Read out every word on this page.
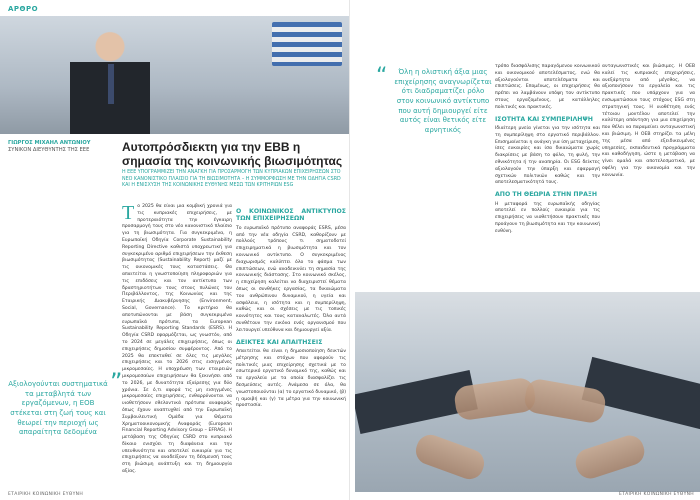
ΑΡΘΡΟ
ΓΙΩΡΓΟΣ ΜΙΧΑΗΛ ΑΝΤΩΝΙΟΥ
ΣΥΝΙΚΟΝ ΔΙΕΥΘΥΝΤΗΣ ΤΗΣ ΕΕΕ
”
Αξιολογούνται συστηματικά τα μεταβλητά των εργαζόμενων, η ΕΟΒ στέκεται στη ζωή τους και θεωρεί την περιοχή ως απαραίτητα δεδομένα
Αυτοπρόσδιεκτη για την ΕΒΒ η σημασία της κοινωνικής βιωσιμότητας
Η ΕΕΕ ΥΠΟΓΡΑΜΜΙΖΕΙ ΤΗΝ ΑΝΑΓΚΗ ΓΙΑ ΠΡΟΣΑΡΜΟΓΗ ΤΩΝ ΚΥΠΡΙΑΚΩΝ ΕΠΙΧΕΙΡΗΣΕΩΝ ΣΤΟ ΝΕΟ ΚΑΝΟΝΙΣΤΙΚΟ ΠΛΑΙΣΙΟ ΓΙΑ ΤΗ ΒΙΩΣΙΜΟΤΗΤΑ – Η ΣΥΜΜΟΡΦΩΣΗ ΜΕ ΤΗΝ ΟΔΗΓΙΑ CSRD ΚΑΙ Η ΕΝΙΣΧΥΣΗ ΤΗΣ ΚΟΙΝΩΝΙΚΗΣ ΕΥΘΥΝΗΣ ΜΕΣΩ ΤΩΝ ΚΡΙΤΗΡΙΩΝ ESG

Το 2025 θα είναι μια κομβική χρονιά για τις κυπριακές επιχειρήσεις, με προτεραιότητα την έγκαιρη προσαρμογή τους στο νέο κανονιστικό πλαίσιο για τη βιωσιμότητα. Για συγκεκριμένα, η Ευρωπαϊκή Οδηγία Corporate Sustainability Reporting Directive καθιστά υποχρεωτική για συγκεκριμένο αριθμό επιχειρήσεων την έκθεση βιωσιμότητας (Sustainability Report) μαζί με τις οικονομικές τους καταστάσεις. Θα απαιτείται η γνωστοποίηση πληροφοριών για τις επιδόσεις και τον αντίκτυπο των δραστηριοτήτων τους στους πυλώνες του Περιβάλλοντος, της Κοινωνίας και της Εταιρικής Διακυβέρνησης (Environment, Social, Governance). Το κριτήριο θα αποτυπώνονται με βάση συγκεκριμένα ευρωπαϊκά πρότυπα, τα European Sustainability Reporting Standards (ESRS). Η Οδηγία CSRD εφαρμόζεται, ως γνωστόν, από το 2024 σε μεγάλες επιχειρήσεις, όπως οι επιχειρήσεις δημοσίου συμφέροντος. Από το 2025 θα επεκταθεί σε όλες τις μεγάλες επιχειρήσεις και το 2026 στις εισηγμένες μικρομεσαίες. Η υποχρέωση των εταιρειών μικρομεσαίων επιχειρήσεων θα ξεκινήσει από το 2026, με δυνατότητα εξαίρεσης για δύο χρόνια. Σε ό,τι αφορά τις μη εισηγμένες μικρομεσαίες επιχειρήσεις, ενθαρρύνονται να υιοθετήσουν εθελοντικά πρότυπα αναφοράς όπως έχουν αναπτυχθεί από την Ευρωπαϊκή Συμβουλευτική Ομάδα για Θέματα Χρηματοοικονομικής Αναφοράς (European Financial Reporting Advisory Group – EFRAG). Η μετάβαση της Οδηγίας CSRD στο κυπριακό δίκαιο ενισχύει τη διαφάνεια και την υπευθυνότητα και αποτελεί ευκαιρία για τις επιχειρήσεις να αναδείξουν τη δέσμευσή τους στη βιώσιμη ανάπτυξη και τη δημιουργία αξίας.

Ο ΚΟΙΝΩΝΙΚΟΣ ΑΝΤΙΚΤΥΠΟΣ ΤΩΝ ΕΠΙΧΕΙΡΗΣΕΩΝ

Το ευρωπαϊκό πρότυπο αναφοράς ESRS, μέσα από την νέα οδηγία CSRD, καθορίζουν με πολλούς τρόπους τι σηματοδοτεί επιχειρηματικά η βιωσιμότητα και τον κοινωνικό αντίκτυπο. Ο συγκεκριμένος διαχωρισμός καλύπτει όλο το φάσμα των επιπτώσεων, ενώ αναδεικνύει τη σημασία της κοινωνικής διάστασης. Στο κοινωνικό σκέλος, η επιχείρηση καλείται να διαχειριστεί θέματα όπως οι συνθήκες εργασίας, τα δικαιώματα του ανθρώπινου δυναμικού, η υγεία και ασφάλεια, η ισότητα και η συμπερίληψη, καθώς και οι σχέσεις με τις τοπικές κοινότητες και τους καταναλωτές. Όλα αυτά συνθέτουν την εικόνα ενός οργανισμού που λειτουργεί υπεύθυνα και δημιουργεί αξία.

ΔΕΙΚΤΕΣ ΚΑΙ ΑΠΑΙΤΗΣΕΙΣ

Απαιτείται θα είναι η δημοσιοποίηση δεικτών μέτρησης και στόχων που αφορούν τις πολιτικές μιας επιχείρησης σχετικά με το εσωτερικό εργατικό δυναμικό της, καθώς και τα εργαλεία με τα οποία διασφαλίζει τις δεσμεύσεις αυτές. Ανάμεσα σε όλα, θα γνωστοποιούνται (α) το εργατικό δυναμικό, (β) η αμοιβή και (γ) τα μέτρα για την κοινωνική προστασία.

ΕΤΑΙΡΙΚΗ ΚΟΙΝΩΝΙΚΗ ΕΥΘΥΝΗ
“	Όλη η ολιστική άξια μιας επιχείρησης αναγνωρίζεται ότι διαδραματίζει ρόλο στον κοινωνικό αντίκτυπο που αυτή δημιουργεί είτε αυτός είναι θετικός είτε αρνητικός

τρόπο διασφάλισης παραγόμενου κοινωνικού και οικονομικού αποτελέσματος, ενώ θα αξιολογούνται αποτελέσματα και επιπτώσεις. Επομένως, οι επιχειρήσεις θα πρέπει να λαμβάνουν υπόψη τον αντίκτυπο στους εργαζομένους, με κατάλληλες πολιτικές και πρακτικές.

ΙΣΟΤΗΤΑ ΚΑΙ ΣΥΜΠΕΡΙΛΗΨΗ

Ιδιαίτερη μνεία γίνεται για την ισότητα και τη συμπερίληψη στο εργατικό περιβάλλον. Επισημαίνεται η ανάγκη για ίση μεταχείριση, ίσες ευκαιρίες και ίσα δικαιώματα χωρίς διακρίσεις με βάση το φύλο, τη φυλή, την εθνικότητα ή την αναπηρία. Οι ESG δείκτες αξιολογούν την ύπαρξη και εφαρμογή σχετικών πολιτικών καθώς και την αποτελεσματικότητά τους.

ΑΠΟ ΤΗ ΘΕΩΡΙΑ ΣΤΗΝ ΠΡΑΞΗ

Η μεταφορά της ευρωπαϊκής οδηγίας αποτελεί εν πολλοίς ευκαιρία για τις επιχειρήσεις να υιοθετήσουν πρακτικές που προάγουν τη βιωσιμότητα και την κοινωνική ευθύνη.

ανταγωνιστικές και βιώσιμες. Η ΟΕΒ καλεί τις κυπριακές επιχειρήσεις, ανεξάρτητα από μέγεθος, να αξιοποιήσουν τα εργαλεία και τις πρακτικές που υπάρχουν για να ενσωματώσουν τους στόχους ESG στη στρατηγική τους. Η υιοθέτηση ενός τέτοιου μοντέλου αποτελεί την καλύτερη απάντηση για μια επιχείρηση που θέλει να παραμείνει ανταγωνιστική και βιώσιμη. Η ΟΕΒ στηρίζει τα μέλη της μέσα από εξειδικευμένες υπηρεσίες, εκπαιδευτικά προγράμματα και καθοδήγηση, ώστε η μετάβαση να γίνει ομαλά και αποτελεσματικά, με οφέλη για την οικονομία και την κοινωνία.

ΕΤΑΙΡΙΚΗ ΚΟΙΝΩΝΙΚΗ ΕΥΘΥΝΗ
